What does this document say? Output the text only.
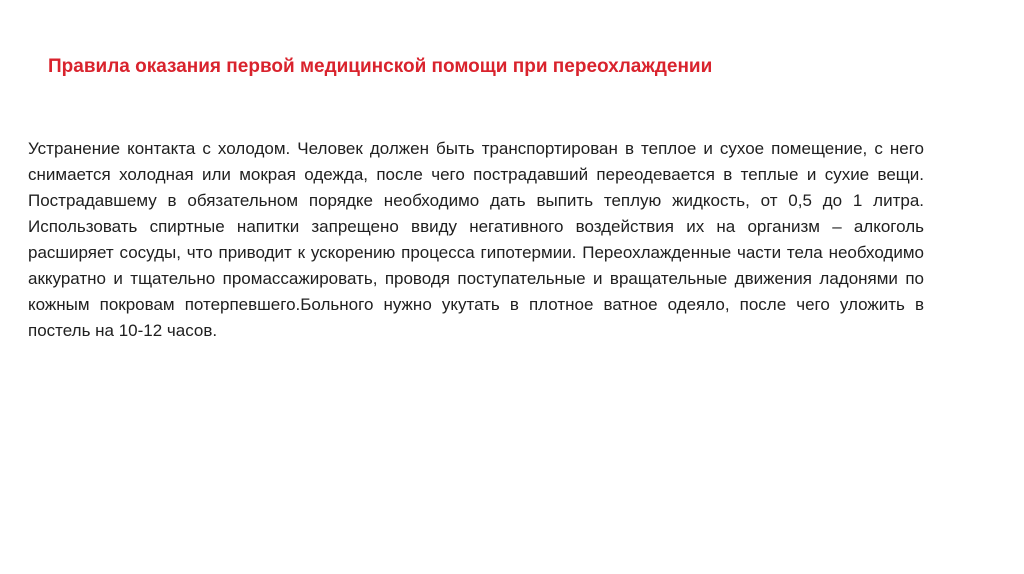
Правила оказания первой медицинской помощи при переохлаждении

Устранение контакта с холодом. Человек должен быть транспортирован в теплое и сухое помещение, с него снимается холодная или мокрая одежда, после чего пострадавший переодевается в теплые и сухие вещи. Пострадавшему в обязательном порядке необходимо дать выпить теплую жидкость, от 0,5 до 1 литра. Использовать спиртные напитки запрещено ввиду негативного воздействия их на организм – алкоголь расширяет сосуды, что приводит к ускорению процесса гипотермии. Переохлажденные части тела необходимо аккуратно и тщательно промассажировать, проводя поступательные и вращательные движения ладонями по кожным покровам потерпевшего.Больного нужно укутать в плотное ватное одеяло, после чего уложить в постель на 10-12 часов.
